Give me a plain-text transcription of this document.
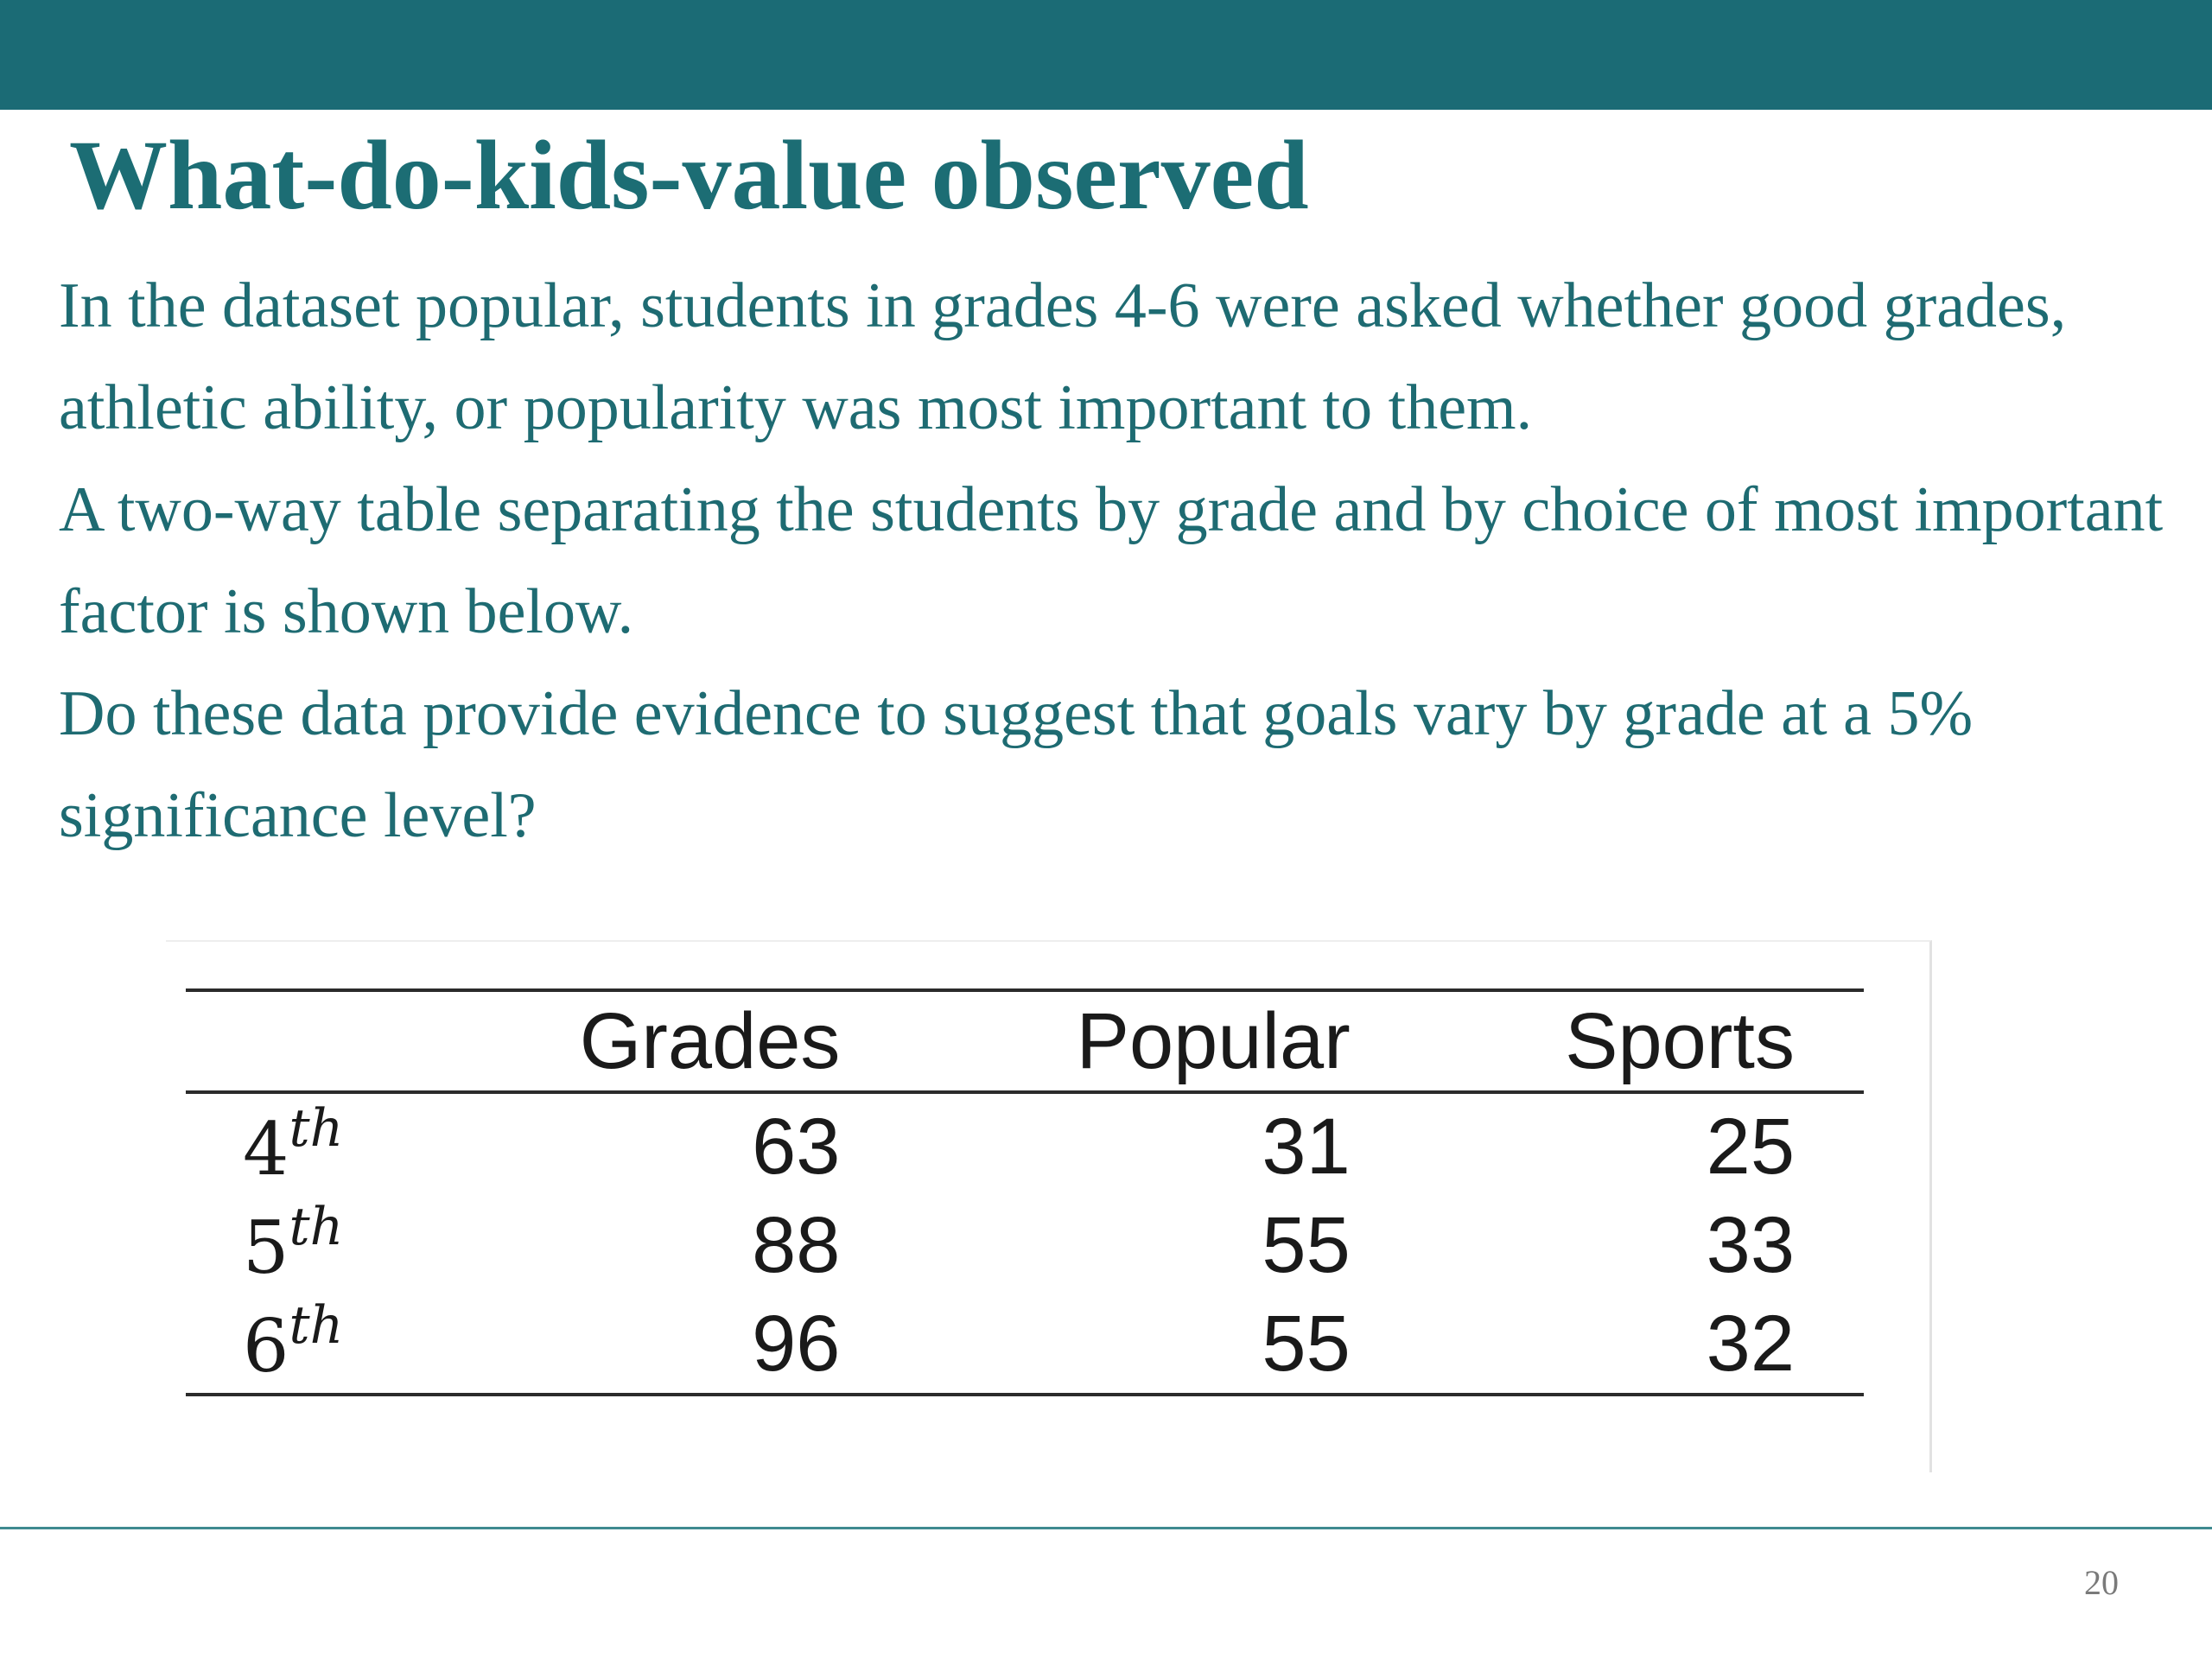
What-do-kids-value observed

In the dataset popular, students in grades 4-6 were asked whether good grades, athletic ability, or popularity was most important to them.

A two-way table separating the students by grade and by choice of most important factor is shown below.

Do these data provide evidence to suggest that goals vary by grade at a 5% significance level?

	Grades	Popular	Sports
4th	63	31	25
5th	88	55	33
6th	96	55	32
20
